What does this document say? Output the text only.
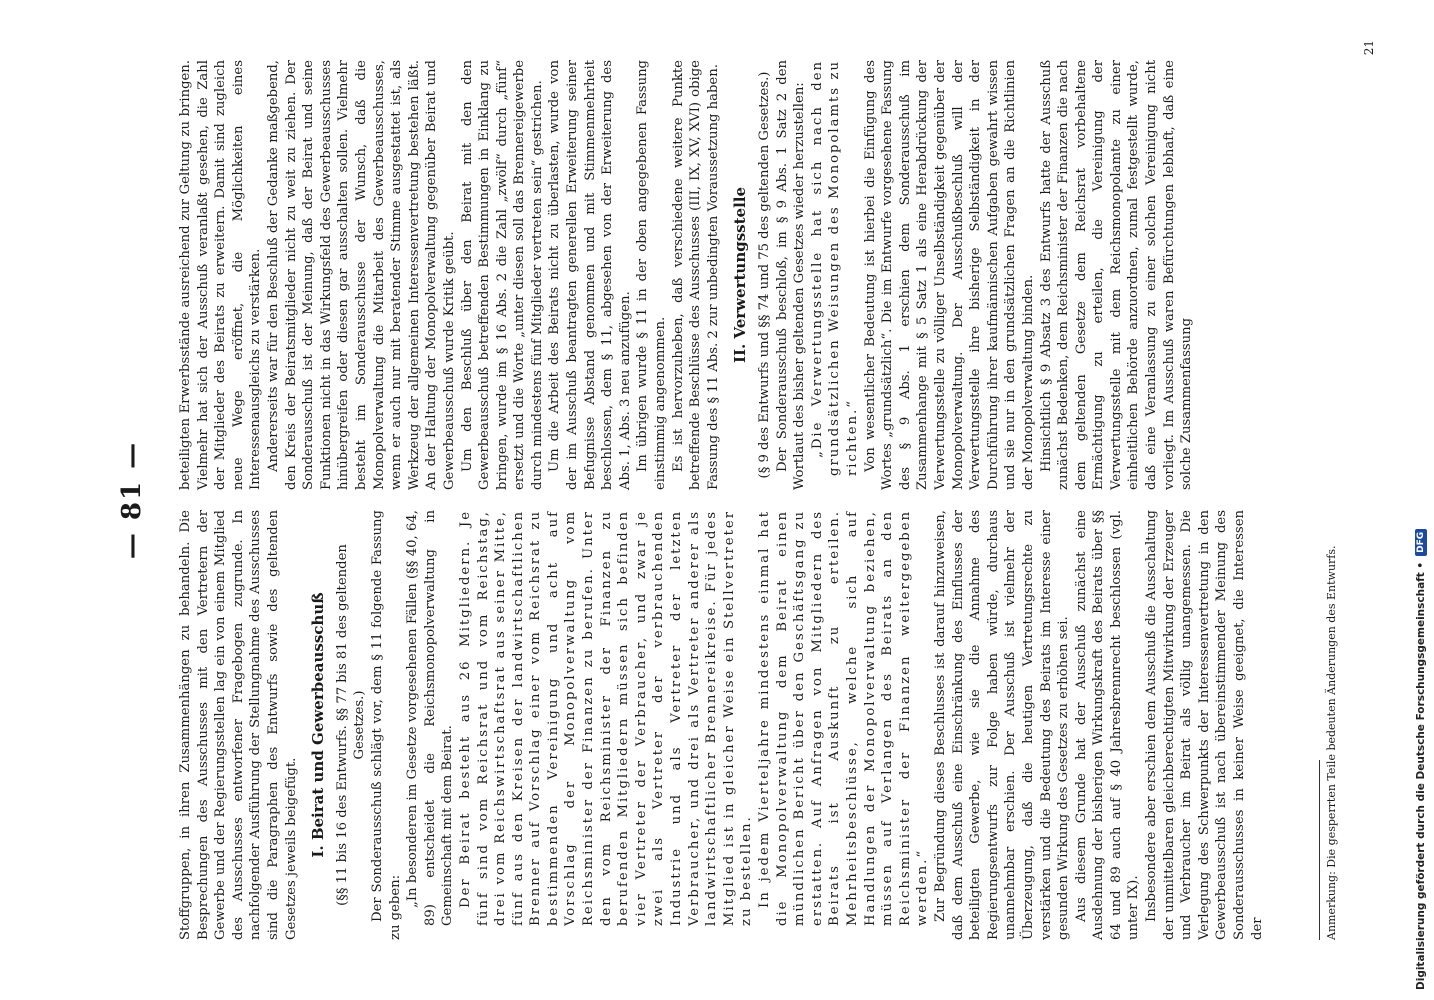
— 81 —

Stoffgruppen, in ihren Zusammenhängen zu behandeln. Die Besprechungen des Ausschusses mit den Vertretern der Gewerbe und der Regierungsstellen lag ein von einem Mitglied des Ausschusses entworfener Fragebogen zugrunde. In nachfolgender Ausführung der Stellungnahme des Ausschusses sind die Paragraphen des Entwurfs sowie des geltenden Gesetzes jeweils beigefügt. I. Beirat und Gewerbeausschuß (§§ 11 bis 16 des Entwurfs. §§ 77 bis 81 des geltenden Gesetzes.) Der Sonderausschuß schlägt vor, dem § 11 folgende Fassung zu geben: „In besonderen im Gesetze vorgesehenen Fällen (§§ 40, 64, 89) entscheidet die Reichsmonopolverwaltung in Gemeinschaft mit dem Beirat. Der Beirat besteht aus 26 Mitgliedern. Je fünf sind vom Reichsrat und vom Reichstag, drei vom Reichswirtschaftsrat aus seiner Mitte, fünf aus den Kreisen der landwirtschaftlichen Brenner auf Vorschlag einer vom Reichsrat zu bestimmenden Vereinigung und acht auf Vorschlag der Monopolverwaltung vom Reichsminister der Finanzen zu berufen. Unter den vom Reichsminister der Finanzen zu berufenden Mitgliedern müssen sich befinden vier Vertreter der Verbraucher, und zwar je zwei als Vertreter der verbrauchenden Industrie und als Vertreter der letzten Verbraucher, und drei als Vertreter anderer als landwirtschaftlicher Brennereikreise. Für jedes Mitglied ist in gleicher Weise ein Stellvertreter zu bestellen. In jedem Vierteljahre mindestens einmal hat die Monopolverwaltung dem Beirat einen mündlichen Bericht über den Geschäftsgang zu erstatten. Auf Anfragen von Mitgliedern des Beirats ist Auskunft zu erteilen. Mehrheitsbeschlüsse, welche sich auf Handlungen der Monopolverwaltung beziehen, müssen auf Verlangen des Beirats an den Reichsminister der Finanzen weitergegeben werden.“ Zur Begründung dieses Beschlusses ist darauf hinzuweisen, daß dem Ausschuß eine Einschränkung des Einflusses der beteiligten Gewerbe, wie sie die Annahme des Regierungsentwurfs zur Folge haben würde, durchaus unannehmbar erschien. Der Ausschuß ist vielmehr der Überzeugung, daß die heutigen Vertretungsrechte zu verstärken und die Bedeutung des Beirats im Interesse einer gesunden Wirkung des Gesetzes zu erhöhen sei. Aus diesem Grunde hat der Ausschuß zunächst eine Ausdehnung der bisherigen Wirkungskraft des Beirats über §§ 64 und 89 auch auf § 40 Jahresbrennrecht beschlossen (vgl. unter IX). Insbesondere aber erschien dem Ausschuß die Ausschaltung der unmittelbaren gleichberechtigten Mitwirkung der Erzeuger und Verbraucher im Beirat als völlig unangemessen. Die Verlegung des Schwerpunkts der Interessenvertretung in den Gewerbeausschuß ist nach übereinstimmender Meinung des Sonderausschusses in keiner Weise geeignet, die Interessen der

beteiligten Erwerbsstände ausreichend zur Geltung zu bringen. Vielmehr hat sich der Ausschuß veranlaßt gesehen, die Zahl der Mitglieder des Beirats zu erweitern. Damit sind zugleich neue Wege eröffnet, die Möglichkeiten eines Interessenausgleichs zu verstärken. Andererseits war für den Beschluß der Gedanke maßgebend, den Kreis der Beiratsmitglieder nicht zu weit zu ziehen. Der Sonderausschuß ist der Meinung, daß der Beirat und seine Funktionen nicht in das Wirkungsfeld des Gewerbeausschusses hinübergreifen oder diesen gar ausschalten sollen. Vielmehr besteht im Sonderausschusse der Wunsch, daß die Monopolverwaltung die Mitarbeit des Gewerbeausschusses, wenn er auch nur mit beratender Stimme ausgestattet ist, als Werkzeug der allgemeinen Interessenvertretung bestehen läßt. An der Haltung der Monopolverwaltung gegenüber Beirat und Gewerbeausschuß wurde Kritik geübt. Um den Beschluß über den Beirat mit den den Gewerbeausschuß betreffenden Bestimmungen in Einklang zu bringen, wurde im § 16 Abs. 2 die Zahl „zwölf“ durch „fünf“ ersetzt und die Worte „unter diesen soll das Brennereigewerbe durch mindestens fünf Mitglieder vertreten sein“ gestrichen. Um die Arbeit des Beirats nicht zu überlasten, wurde von der im Ausschuß beantragten generellen Erweiterung seiner Befugnisse Abstand genommen und mit Stimmenmehrheit beschlossen, dem § 11, abgesehen von der Erweiterung des Abs. 1, Abs. 3 neu anzufügen. Im übrigen wurde § 11 in der oben angegebenen Fassung einstimmig angenommen. Es ist hervorzuheben, daß verschiedene weitere Punkte betreffende Beschlüsse des Ausschusses (III, IX, XV, XVI) obige Fassung des § 11 Abs. 2 zur unbedingten Voraussetzung haben. II. Verwertungsstelle (§ 9 des Entwurfs und §§ 74 und 75 des geltenden Gesetzes.) Der Sonderausschuß beschloß, im § 9 Abs. 1 Satz 2 den Wortlaut des bisher geltenden Gesetzes wieder herzustellen: „Die Verwertungsstelle hat sich nach den grundsätzlichen Weisungen des Monopolamts zu richten.“ Von wesentlicher Bedeutung ist hierbei die Einfügung des Wortes „grundsätzlich“. Die im Entwurfe vorgesehene Fassung des § 9 Abs. 1 erschien dem Sonderausschuß im Zusammenhange mit § 5 Satz 1 als eine Herabdrückung der Verwertungsstelle zu völliger Unselbständigkeit gegenüber der Monopolverwaltung. Der Ausschußbeschluß will der Verwertungsstelle ihre bisherige Selbständigkeit in der Durchführung ihrer kaufmännischen Aufgaben gewahrt wissen und sie nur in den grundsätzlichen Fragen an die Richtlinien der Monopolverwaltung binden. Hinsichtlich § 9 Absatz 3 des Entwurfs hatte der Ausschuß zunächst Bedenken, dem Reichsminister der Finanzen die nach dem geltenden Gesetze dem Reichsrat vorbehaltene Ermächtigung zu erteilen, die Vereinigung der Verwertungsstelle mit dem Reichsmonopolamte zu einer einheitlichen Behörde anzuordnen, zumal festgestellt wurde, daß eine Veranlassung zu einer solchen Vereinigung nicht vorliegt. Im Ausschuß waren Befürchtungen lebhaft, daß eine solche Zusammenfassung

Anmerkung: Die gesperrten Teile bedeuten Änderungen des Entwurfs.
21
Digitalisierung gefördert durch die Deutsche Forschungsgemeinschaft •
DFG
